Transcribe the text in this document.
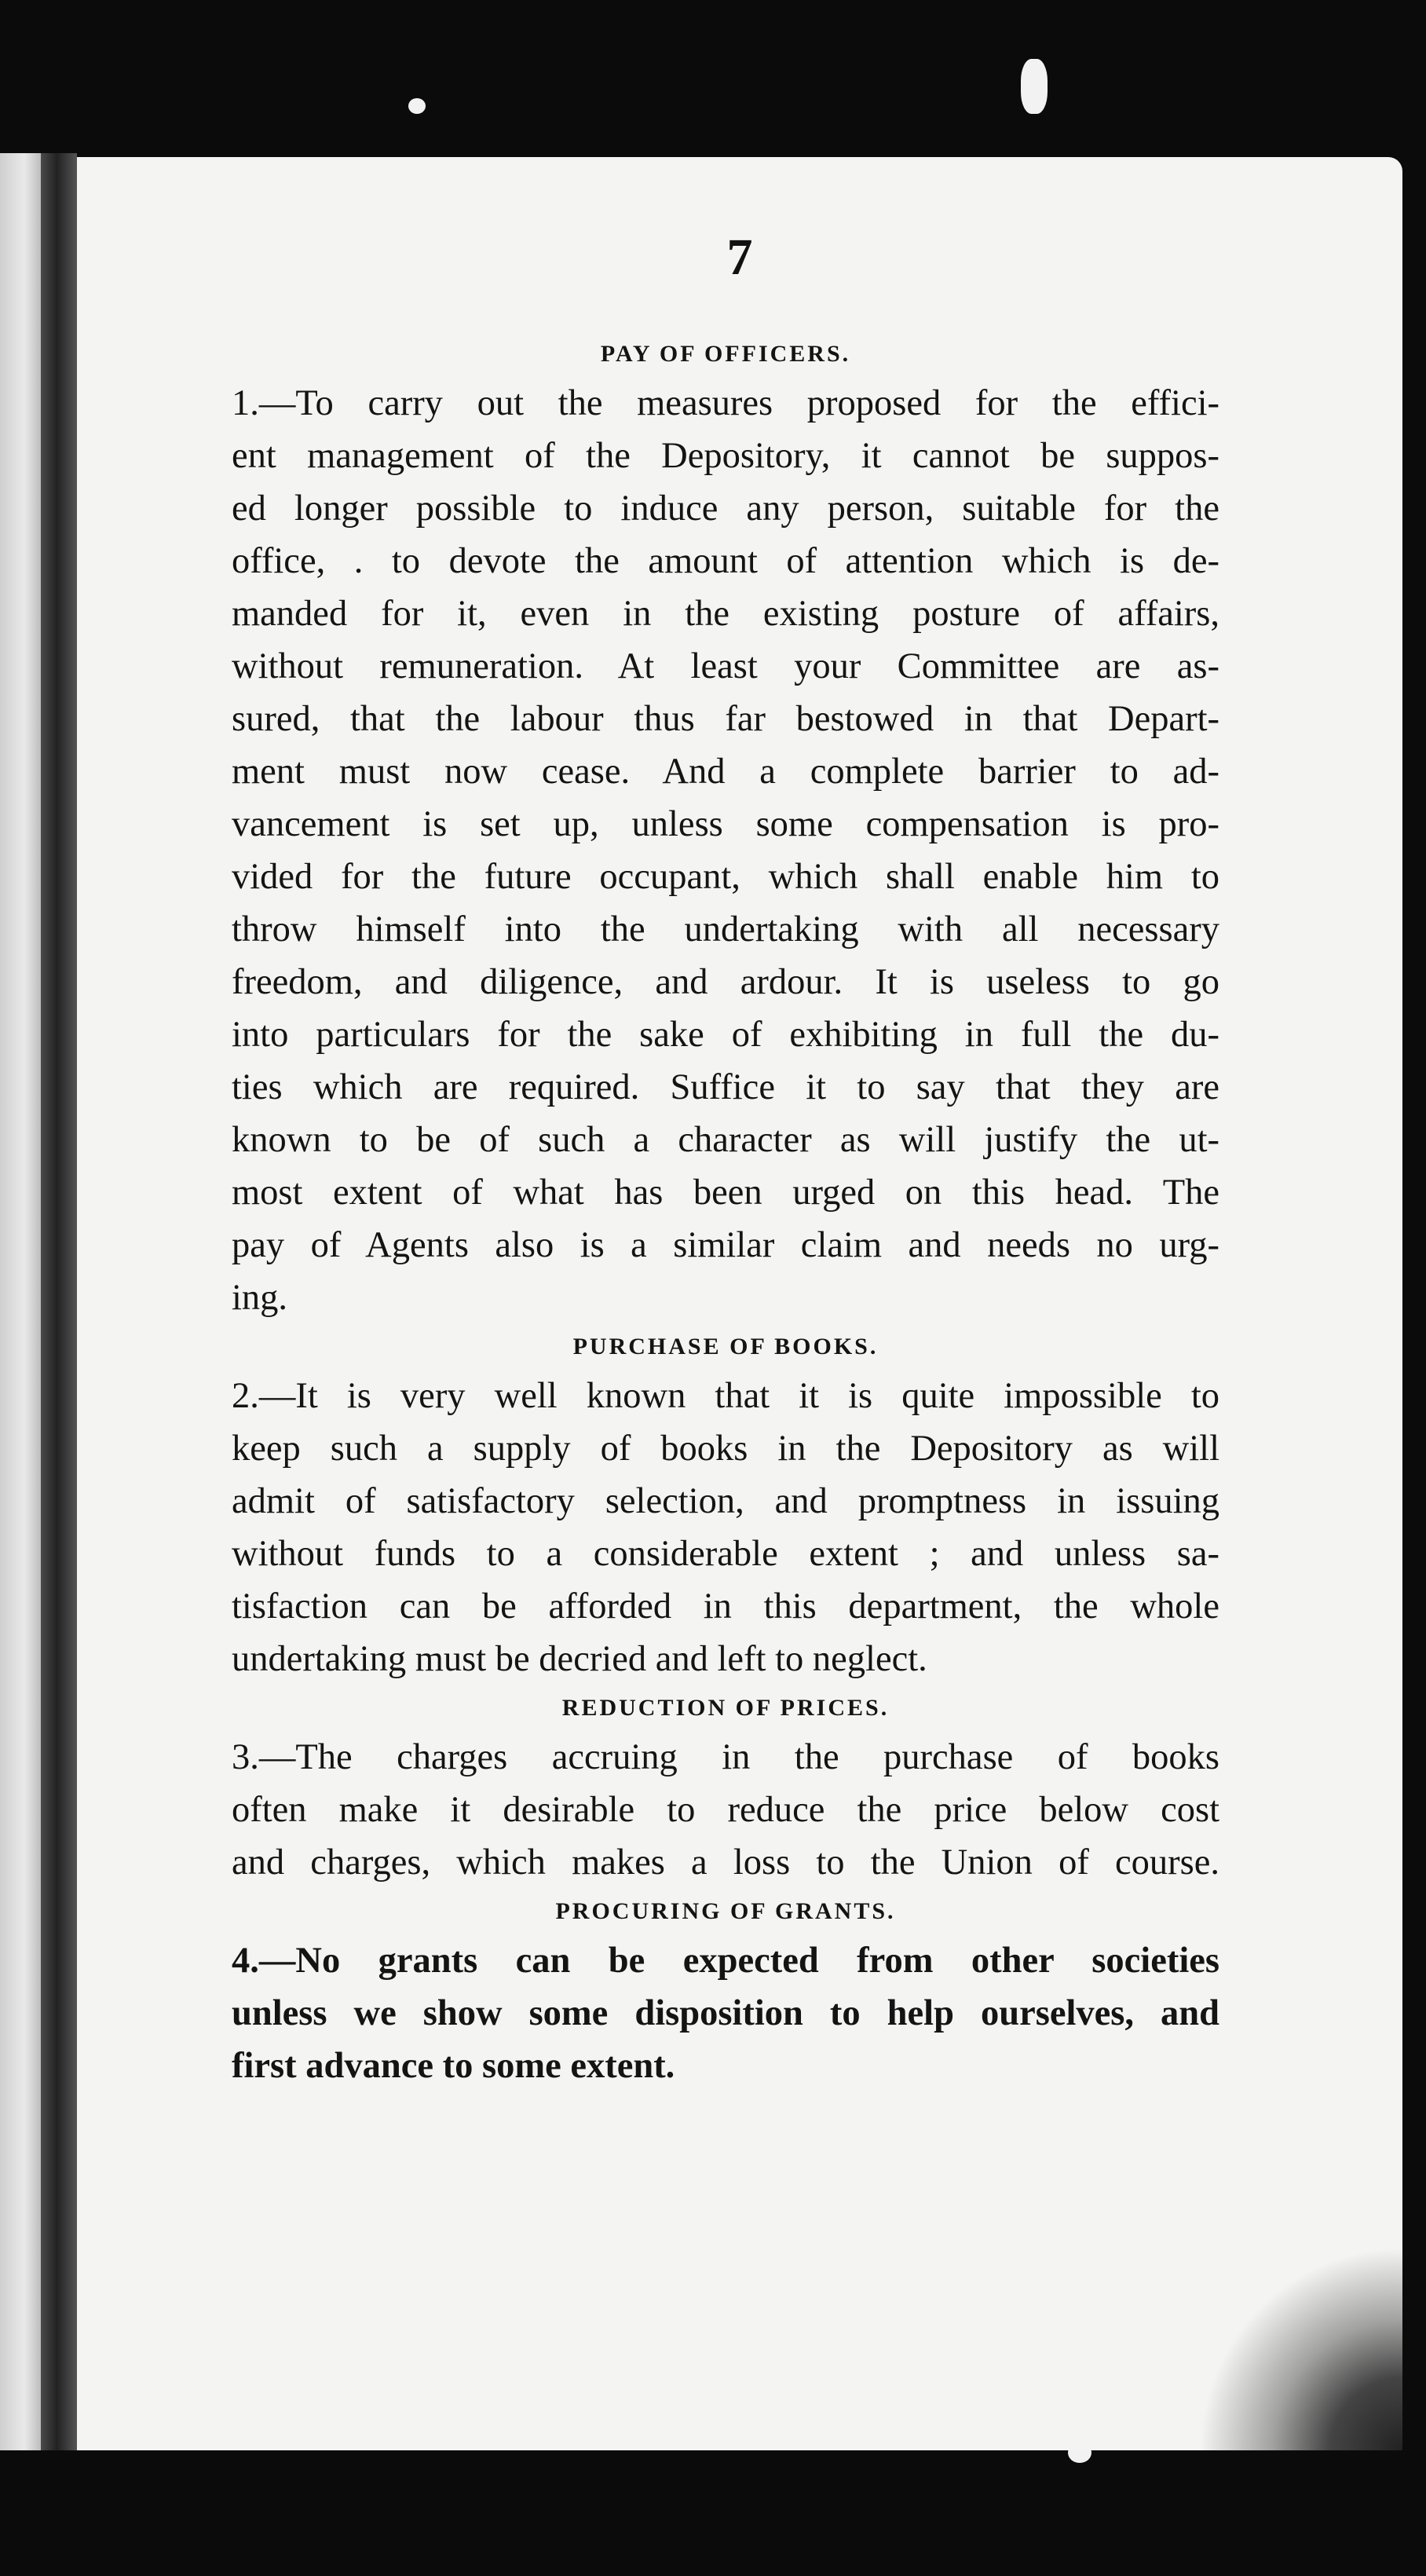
7
PAY OF OFFICERS.

1.—To carry out the measures proposed for the effici-
ent management of the Depository, it cannot be suppos-
ed longer possible to induce any person, suitable for the
office, . to devote the amount of attention which is de-
manded for it, even in the existing posture of affairs,
without remuneration. At least your Committee are as-
sured, that the labour thus far bestowed in that Depart-
ment must now cease. And a complete barrier to ad-
vancement is set up, unless some compensation is pro-
vided for the future occupant, which shall enable him to
throw himself into the undertaking with all necessary
freedom, and diligence, and ardour. It is useless to go
into particulars for the sake of exhibiting in full the du-
ties which are required. Suffice it to say that they are
known to be of such a character as will justify the ut-
most extent of what has been urged on this head. The
pay of Agents also is a similar claim and needs no urg-
ing.

PURCHASE OF BOOKS.

2.—It is very well known that it is quite impossible to
keep such a supply of books in the Depository as will
admit of satisfactory selection, and promptness in issuing
without funds to a considerable extent ; and unless sa-
tisfaction can be afforded in this department, the whole
undertaking must be decried and left to neglect.

REDUCTION OF PRICES.

3.—The charges accruing in the purchase of books
often make it desirable to reduce the price below cost
and charges, which makes a loss to the Union of course.

PROCURING OF GRANTS.

4.—No grants can be expected from other societies
unless we show some disposition to help ourselves, and
first advance to some extent.
